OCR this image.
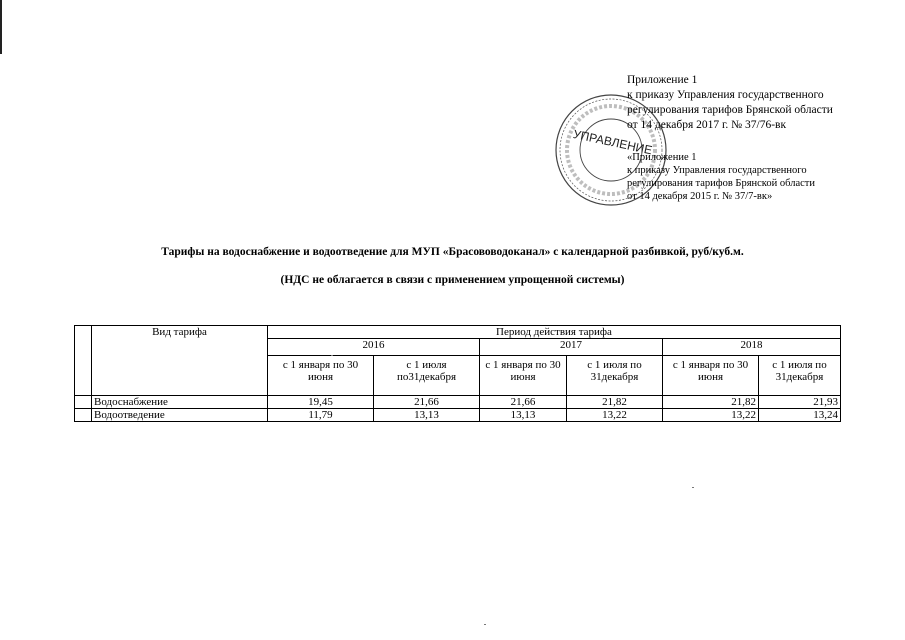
УПРАВЛЕНИЕ
Приложение 1
к приказу Управления государственного
регулирования тарифов Брянской области
от 14 декабря 2017 г. № 37/76-вк
«Приложение 1
к приказу Управления государственного
регулирования тарифов Брянской области
от 14 декабря 2015 г. № 37/7-вк»
Тарифы на водоснабжение и водоотведение для МУП «Брасововодоканал» с календарной разбивкой, руб/куб.м.
(НДС не облагается в связи с применением упрощенной системы)
	Вид тарифа	Период действия тарифа					
		2016		2017		2018	
		с 1 января по 30 июня	с 1 июля по31декабря	с 1 января по 30 июня	с 1 июля по 31декабря	с 1 января по 30 июня	с 1 июля по 31декабря
	Водоснабжение	19,45	21,66	21,66	21,82	21,82	21,93
	Водоотведение	11,79	13,13	13,13	13,22	13,22	13,24
